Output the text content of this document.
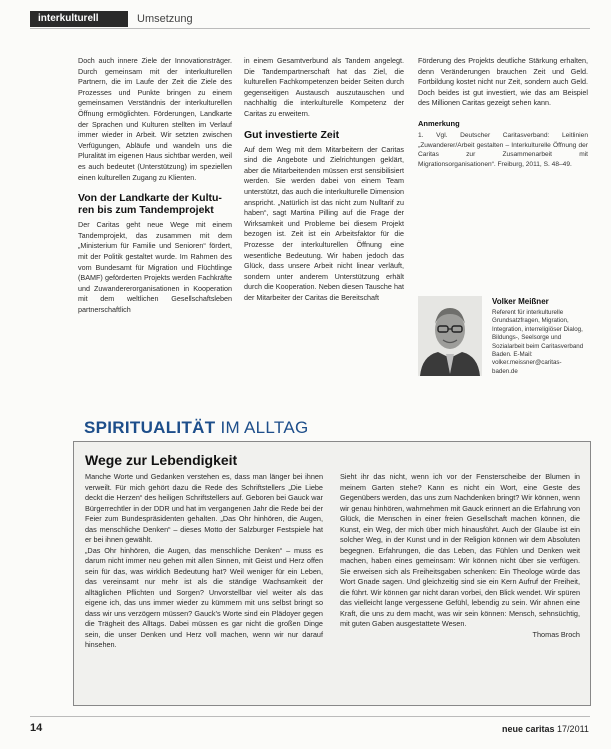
interkulturell	Umsetzung

Doch auch innere Ziele der Innovationsträger. Durch gemeinsam mit der interkulturellen Partnern, die im Laufe der Zeit die Ziele des Prozesses und Punkte bringen zu einem gemeinsamen Verständnis der interkulturellen Öffnung ermöglichten. Förderungen, Landkarte der Sprachen und Kulturen stellten im Verlauf immer wieder in Arbeit. Wir setzten zwischen Verfügungen, Abläufe und wandeln uns die Pluralität im eigenen Haus sichtbar werden, weil es auch bedeutet (Unterstützung) im speziellen einen kulturellen Zugang zu Klienten.

Von der Landkarte der Kultu-
ren bis zum Tandemprojekt

Der Caritas geht neue Wege mit einem Tandemprojekt, das zusammen mit dem „Ministerium für Familie und Senioren“ fördert, mit der Politik gestaltet wurde. Im Rahmen des vom Bundesamt für Migration und Flüchtlinge (BAMF) geförderten Projekts werden Fachkräfte und Zuwandererorganisationen in Kooperation mit dem weltlichen Gesellschaftsleben partnerschaftlich

in einem Gesamtverbund als Tandem angelegt. Die Tandempartnerschaft hat das Ziel, die kulturellen Fachkompetenzen beider Seiten durch gegenseitigen Austausch auszutauschen und nachhaltig die interkulturelle Kompetenz der Caritas zu erweitern.

Gut investierte Zeit

Auf dem Weg mit dem Mitarbeitern der Caritas sind die Angebote und Zielrichtungen geklärt, aber die Mitarbeitenden müssen erst sensibilisiert werden. Sie werden dabei von einem Team unterstützt, das auch die interkulturelle Dimension anspricht. „Natürlich ist das nicht zum Nulltarif zu haben“, sagt Martina Pilling auf die Frage der Wirksamkeit und Probleme bei diesem Projekt bezogen ist. Zeit ist ein Arbeitsfaktor für die Prozesse der interkulturellen Öffnung eine wesentliche Bedeutung. Wir haben jedoch das Glück, dass unsere Arbeit nicht linear verläuft, sondern unter anderem Unterstützung erhält durch die Kooperation. Neben diesen Tausche hat der Mitarbeiter der Caritas die Bereitschaft

Förderung des Projekts deutliche Stärkung erhalten, denn Veränderungen brauchen Zeit und Geld. Fortbildung kostet nicht nur Zeit, sondern auch Geld. Doch beides ist gut investiert, wie das am Beispiel des Millionen Caritas gezeigt sehen kann.

Anmerkung
1. Vgl. Deutscher Caritasverband: Leitlinien „Zuwanderer/Arbeit gestalten – Interkulturelle Öffnung der Caritas zur Zusammenarbeit mit Migrationsorganisationen“. Freiburg, 2011, S. 48–49.
Volker Meißner
Referent für interkulturelle Grundsatzfragen, Migration, Integration, interreligiöser Dialog, Bildungs-, Seelsorge und Sozialarbeit beim Caritasverband Baden. E-Mail: volker.meissner@caritas-baden.de
SPIRITUALITÄT IM ALLTAG
Wege zur Lebendigkeit

Manche Worte und Gedanken verstehen es, dass man länger bei ihnen verweilt. Für mich gehört dazu die Rede des Schriftstellers „Die Liebe deckt die Herzen“ des heiligen Schriftstellers auf. Geboren bei Gauck war Bürgerrechtler in der DDR und hat im vergangenen Jahr die Rede bei der Feier zum Bundespräsidenten gehalten. „Das Ohr hinhören, die Augen, das menschliche Denken“ – dieses Motto der Salzburger Festspiele hat er bei ihnen gewählt.

„Das Ohr hinhören, die Augen, das menschliche Denken“ – muss es darum nicht immer neu gehen mit allen Sinnen, mit Geist und Herz offen sein für das, was wirklich Bedeutung hat? Weil weniger für ein Leben, das vereinsamt nur mehr ist als die ständige Wachsamkeit der alltäglichen Pflichten und Sorgen? Unvorstellbar viel weiter als das eigene ich, das uns immer wieder zu kümmern mit uns selbst bringt so dass wir uns verzögern müssen? Gauck’s Worte sind ein Plädoyer gegen die Trägheit des Alltags. Dabei müssen es gar nicht die großen Dinge sein, die unser Denken und Herz voll machen, wenn wir nur darauf hinsehen.

Sieht ihr das nicht, wenn ich vor der Fensterscheibe der Blumen in meinem Garten stehe? Kann es nicht ein Wort, eine Geste des Gegenübers werden, das uns zum Nachdenken bringt? Wir können, wenn wir genau hinhören, wahrnehmen mit Gauck erinnert an die Erfahrung von Glück, die Menschen in einer freien Gesellschaft machen können, die Kunst, ein Weg, der mich über mich hinausführt. Auch der Glaube ist ein solcher Weg, in der Kunst und in der Religion können wir dem Absoluten begegnen. Erfahrungen, die das Leben, das Fühlen und Denken weit machen, haben eines gemeinsam: Wir können nicht über sie verfügen. Sie erweisen sich als Freiheitsgaben schenken: Ein Theologe würde das Wort Gnade sagen. Und gleichzeitig sind sie ein Kern Aufruf der Freiheit, die führt. Wir können gar nicht daran vorbei, den Blick wendet. Wir spüren das vielleicht lange vergessene Gefühl, lebendig zu sein. Wir ahnen eine Kraft, die uns zu dem macht, was wir sein können: Mensch, sehnsüchtig, mit guten Gaben ausgestattete Wesen.

Thomas Broch

14	neue caritas 17/2011
